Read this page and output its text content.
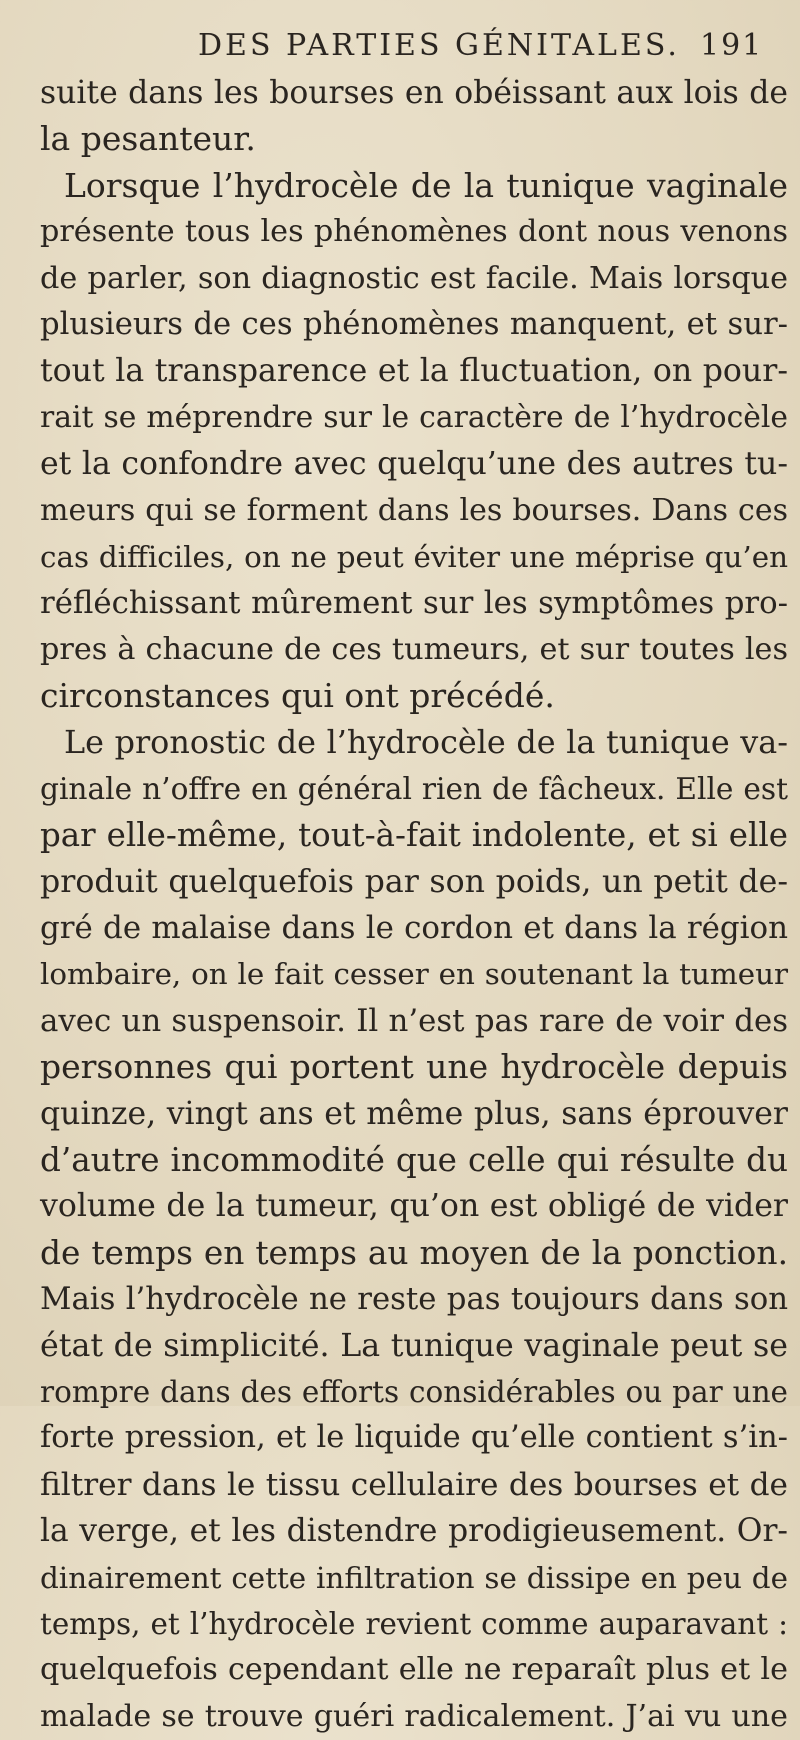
DES PARTIES GÉNITALES. 191
suite dans les bourses en obéissant aux lois de
la pesanteur.
Lorsque l’hydrocèle de la tunique vaginale
présente tous les phénomènes dont nous venons
de parler, son diagnostic est facile. Mais lorsque
plusieurs de ces phénomènes manquent, et sur-
tout la transparence et la fluctuation, on pour-
rait se méprendre sur le caractère de l’hydrocèle
et la confondre avec quelqu’une des autres tu-
meurs qui se forment dans les bourses. Dans ces
cas difficiles, on ne peut éviter une méprise qu’en
réfléchissant mûrement sur les symptômes pro-
pres à chacune de ces tumeurs, et sur toutes les
circonstances qui ont précédé.
Le pronostic de l’hydrocèle de la tunique va-
ginale n’offre en général rien de fâcheux. Elle est
par elle-même, tout-à-fait indolente, et si elle
produit quelquefois par son poids, un petit de-
gré de malaise dans le cordon et dans la région
lombaire, on le fait cesser en soutenant la tumeur
avec un suspensoir. Il n’est pas rare de voir des
personnes qui portent une hydrocèle depuis
quinze, vingt ans et même plus, sans éprouver
d’autre incommodité que celle qui résulte du
volume de la tumeur, qu’on est obligé de vider
de temps en temps au moyen de la ponction.
Mais l’hydrocèle ne reste pas toujours dans son
état de simplicité. La tunique vaginale peut se
rompre dans des efforts considérables ou par une
forte pression, et le liquide qu’elle contient s’in-
filtrer dans le tissu cellulaire des bourses et de
la verge, et les distendre prodigieusement. Or-
dinairement cette infiltration se dissipe en peu de
temps, et l’hydrocèle revient comme auparavant :
quelquefois cependant elle ne reparaît plus et le
malade se trouve guéri radicalement. J’ai vu une
